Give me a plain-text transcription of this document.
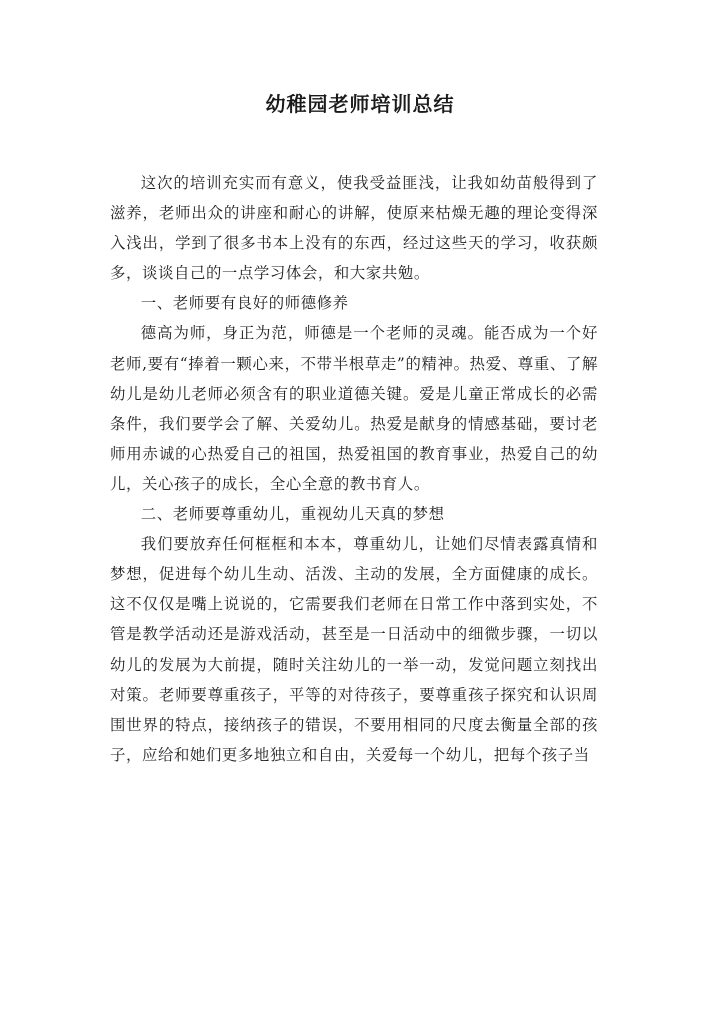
幼稚园老师培训总结

这次的培训充实而有意义，使我受益匪浅，让我如幼苗般得到了滋养，老师出众的讲座和耐心的讲解，使原来枯燥无趣的理论变得深入浅出，学到了很多书本上没有的东西，经过这些天的学习，收获颇多，谈谈自己的一点学习体会，和大家共勉。

一、老师要有良好的师德修养

德高为师，身正为范，师德是一个老师的灵魂。能否成为一个好老师,要有“捧着一颗心来，不带半根草走”的精神。热爱、尊重、了解幼儿是幼儿老师必须含有的职业道德关键。爱是儿童正常成长的必需条件，我们要学会了解、关爱幼儿。热爱是献身的情感基础，要讨老师用赤诚的心热爱自己的祖国，热爱祖国的教育事业，热爱自己的幼儿，关心孩子的成长，全心全意的教书育人。

二、老师要尊重幼儿，重视幼儿天真的梦想

我们要放弃任何框框和本本，尊重幼儿，让她们尽情表露真情和梦想，促进每个幼儿生动、活泼、主动的发展，全方面健康的成长。这不仅仅是嘴上说说的，它需要我们老师在日常工作中落到实处，不管是教学活动还是游戏活动，甚至是一日活动中的细微步骤，一切以幼儿的发展为大前提，随时关注幼儿的一举一动，发觉问题立刻找出对策。老师要尊重孩子，平等的对待孩子，要尊重孩子探究和认识周围世界的特点，接纳孩子的错误，不要用相同的尺度去衡量全部的孩子，应给和她们更多地独立和自由，关爱每一个幼儿，把每个孩子当
